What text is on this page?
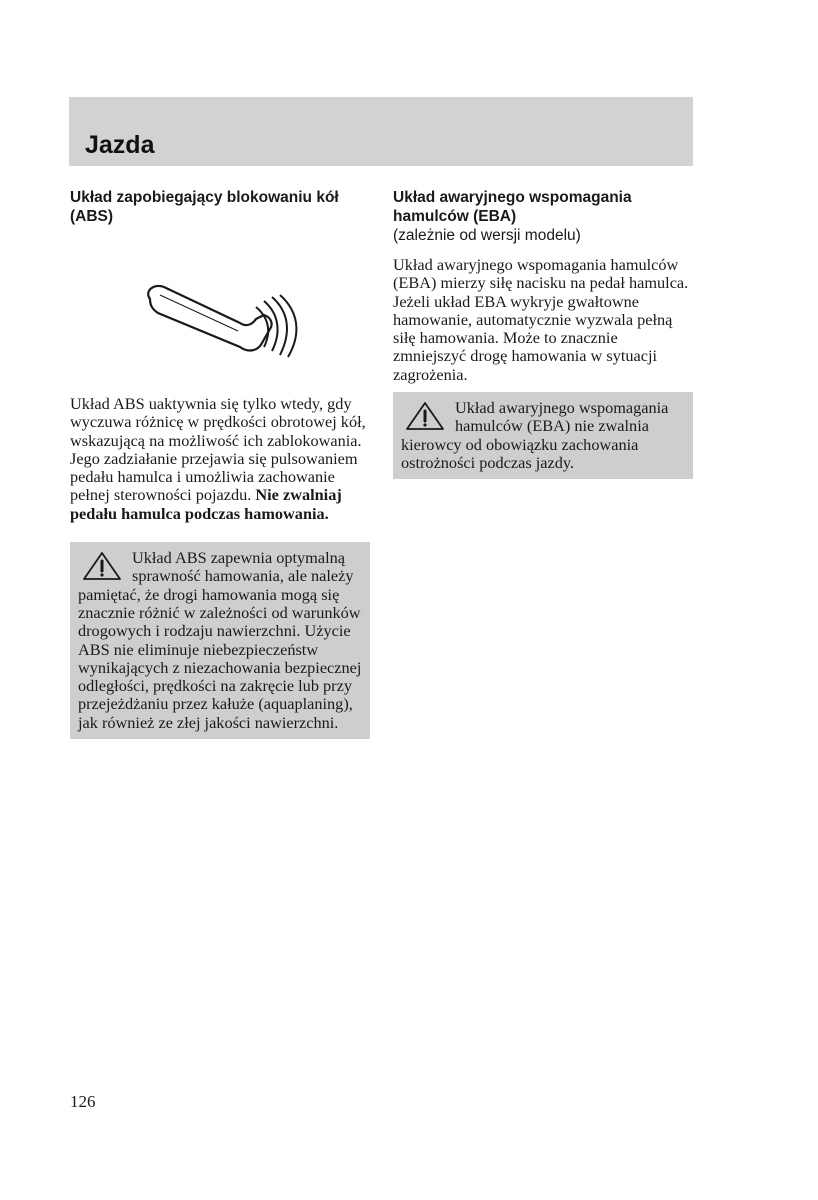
Jazda
Układ zapobiegający blokowaniu kół (ABS)

Układ ABS uaktywnia się tylko wtedy, gdy wyczuwa różnicę w prędkości obrotowej kół, wskazującą na możliwość ich zablokowania. Jego zadziałanie przejawia się pulsowaniem pedału hamulca i umożliwia zachowanie pełnej sterowności pojazdu. Nie zwalniaj pedału hamulca podczas hamowania.

Układ ABS zapewnia optymalną sprawność hamowania, ale należy pamiętać, że drogi hamowania mogą się znacznie różnić w zależności od warunków drogowych i rodzaju nawierzchni. Użycie ABS nie eliminuje niebezpieczeństw wynikających z niezachowania bezpiecznej odległości, prędkości na zakręcie lub przy przejeżdżaniu przez kałuże (aquaplaning), jak również ze złej jakości nawierzchni.

Układ awaryjnego wspomagania hamulców (EBA)

(zależnie od wersji modelu)

Układ awaryjnego wspomagania hamulców (EBA) mierzy siłę nacisku na pedał hamulca. Jeżeli układ EBA wykryje gwałtowne hamowanie, automatycznie wyzwala pełną siłę hamowania. Może to znacznie zmniejszyć drogę hamowania w sytuacji zagrożenia.

Układ awaryjnego wspomagania hamulców (EBA) nie zwalnia kierowcy od obowiązku zachowania ostrożności podczas jazdy.

126
